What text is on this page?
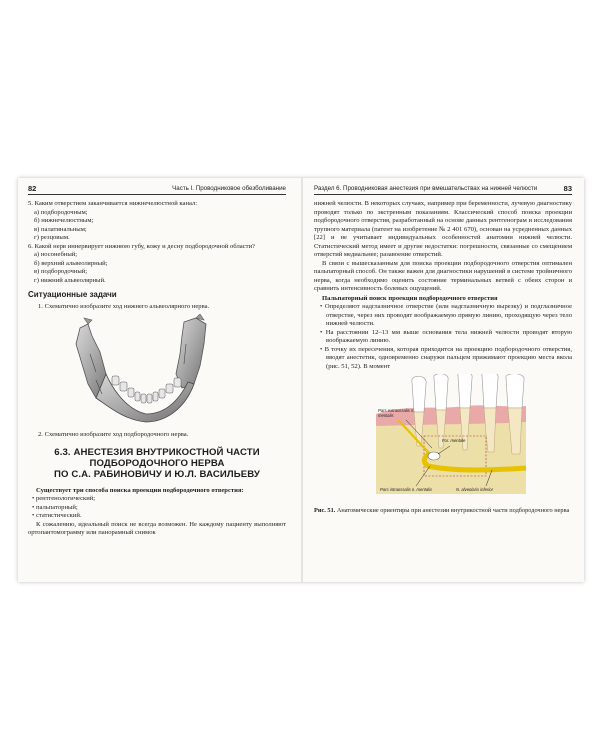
82	Часть I. Проводниковое обезболивание

5. Каким отверстием заканчивается нижнечелюстной канал:

а) подбородочным;

б) нижнечелюстным;

в) палатинальным;

г) резцовым.

6. Какой нерв иннервирует нижнюю губу, кожу и десну подбородочной области?

а) носонебный;

б) верхний альвеолярный;

в) подбородочный;

г) нижний альвеолярный.

Ситуационные задачи

1. Схематично изобразите ход нижнего альвеолярного нерва.

2. Схематично изобразите ход подбородочного нерва.

6.3. АНЕСТЕЗИЯ ВНУТРИКОСТНОЙ ЧАСТИ
ПОДБОРОДОЧНОГО НЕРВА
ПО С.А. РАБИНОВИЧУ И Ю.Л. ВАСИЛЬЕВУ

Существует три способа поиска проекции подбородочного отверстия:

• рентгенологический;

• пальпаторный;

• статистический.

К сожалению, идеальный поиск не всегда возможен. Не каждому пациенту выполняют ортопантомограмму или панорамный снимок

Раздел 6. Проводниковая анестезия при вмешательствах на нижней челюсти	83

нижней челюсти. В некоторых случаях, например при беременности, лучевую диагностику проводят только по экстренным показаниям. Классический способ поиска проекции подбородочного отверстия, разработанный на основе данных рентгенограм и исследования трупного материала (патент на изобретение № 2 401 670), основан на усредненных данных [22] и не учитывает индивидуальных особенностей анатомии нижней челюсти. Статистический метод имеет и другие недостатки: погрешности, связанные со смещением отверстий медиальнее; разавоение отверстий.

В связи с вышесказанным для поиска проекции подбородочного отверстия оптимален пальпаторный способ. Он также важен для диагностики нарушений в системе тройничного нерва, когда необходимо оценить состояние терминальных ветвей с обеих сторон и сравнить интенсивность болевых ощущений.

Пальпаторный поиск проекции подбородочного отверстия

• Определяют надглазничное отверстие (или надглазничную вырезку) и подглазничное отверстие, через них проводят воображаемую прямую линию, проходящую через тело нижней челюсти.

• На расстоянии 12–13 мм выше основания тела нижней челюсти проводят вторую воображаемую линию.

• В точку их пересечения, которая приходится на проекцию подбородочного отверстия, вводят анестетик, одновременно снаружи пальцем прижимают проекцию места вкола (рис. 51, 52). В момент

Pars extraossalis n. mentalis
For. mentale
Pars intraossalis n. mentalis	N. alveolaris inferior

Рис. 51. Анатомические ориентиры при анестезии внутрикостной части подбородочного нерва
